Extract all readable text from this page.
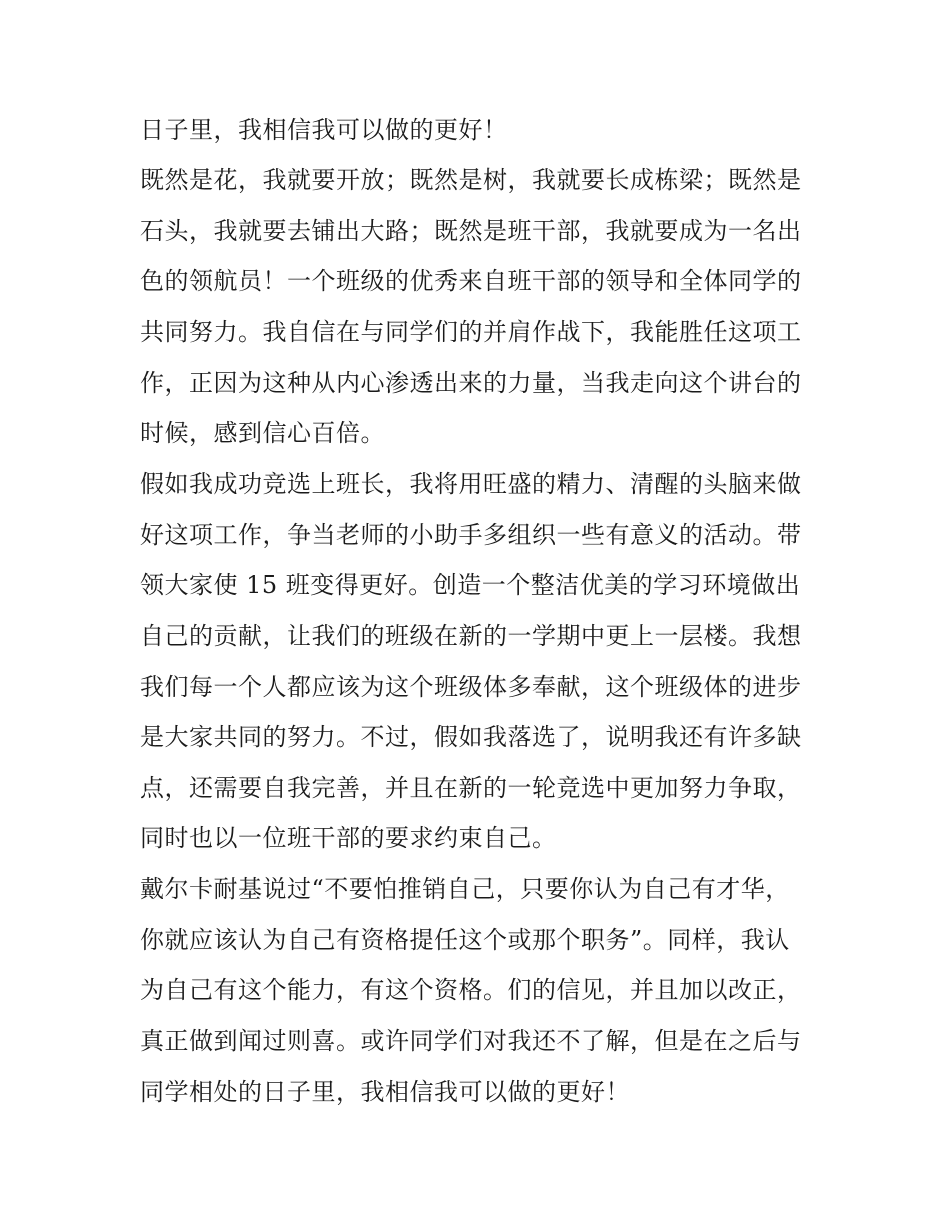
日子里，我相信我可以做的更好！
既然是花，我就要开放；既然是树，我就要长成栋梁；既然是
石头，我就要去铺出大路；既然是班干部，我就要成为一名出
色的领航员！一个班级的优秀来自班干部的领导和全体同学的
共同努力。我自信在与同学们的并肩作战下，我能胜任这项工
作，正因为这种从内心渗透出来的力量，当我走向这个讲台的
时候，感到信心百倍。
假如我成功竞选上班长，我将用旺盛的精力、清醒的头脑来做
好这项工作，争当老师的小助手多组织一些有意义的活动。带
领大家使 15 班变得更好。创造一个整洁优美的学习环境做出
自己的贡献，让我们的班级在新的一学期中更上一层楼。我想
我们每一个人都应该为这个班级体多奉献，这个班级体的进步
是大家共同的努力。不过，假如我落选了，说明我还有许多缺
点，还需要自我完善，并且在新的一轮竞选中更加努力争取，
同时也以一位班干部的要求约束自己。
戴尔卡耐基说过“不要怕推销自己，只要你认为自己有才华，
你就应该认为自己有资格提任这个或那个职务”。同样，我认
为自己有这个能力，有这个资格。们的信见，并且加以改正，
真正做到闻过则喜。或许同学们对我还不了解，但是在之后与
同学相处的日子里，我相信我可以做的更好！
